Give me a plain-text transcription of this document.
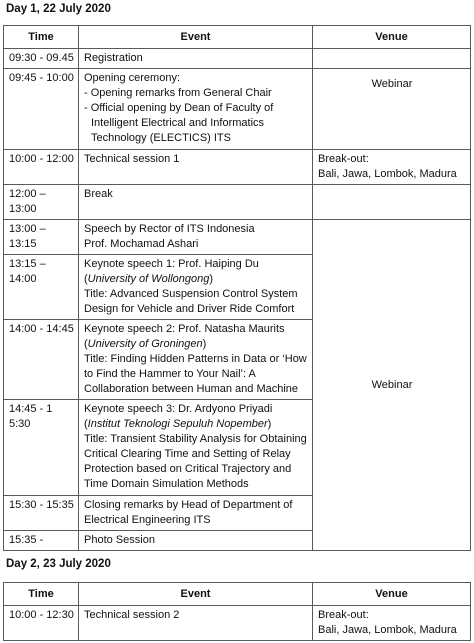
Day 1, 22 July 2020
Time	Event	Venue
09:30 - 09.45	Registration	
09:45 - 10:00	Opening ceremony:
- Opening remarks from General Chair
- Official opening by Dean of Faculty of Intelligent Electrical and Informatics Technology (ELECTICS) ITS	Webinar
10:00 - 12:00	Technical session 1	Break-out:
Bali, Jawa, Lombok, Madura

12:00 – 13:00	Break	
13:00 – 13:15	Speech by Rector of ITS Indonesia
Prof. Mochamad Ashari	Webinar
13:15 – 14:00	Keynote speech 1: Prof. Haiping Du
(University of Wollongong)
Title: Advanced Suspension Control System Design for Vehicle and Driver Ride Comfort	

14:00 - 14:45	Keynote speech 2: Prof. Natasha Maurits
(University of Groningen)
Title: Finding Hidden Patterns in Data or ‘How to Find the Hammer to Your Nail’: A Collaboration between Human and Machine	

14:45 - 1 5:30	Keynote speech 3: Dr. Ardyono Priyadi
(Institut Teknologi Sepuluh Nopember)
Title: Transient Stability Analysis for Obtaining Critical Clearing Time and Setting of Relay Protection based on Critical Trajectory and Time Domain Simulation Methods	

15:30 - 15:35	Closing remarks by Head of Department of Electrical Engineering ITS	
15:35 -	Photo Session	
Day 2, 23 July 2020
Time	Event	Venue
10:00 - 12:30	Technical session 2	Break-out:
Bali, Jawa, Lombok, Madura
